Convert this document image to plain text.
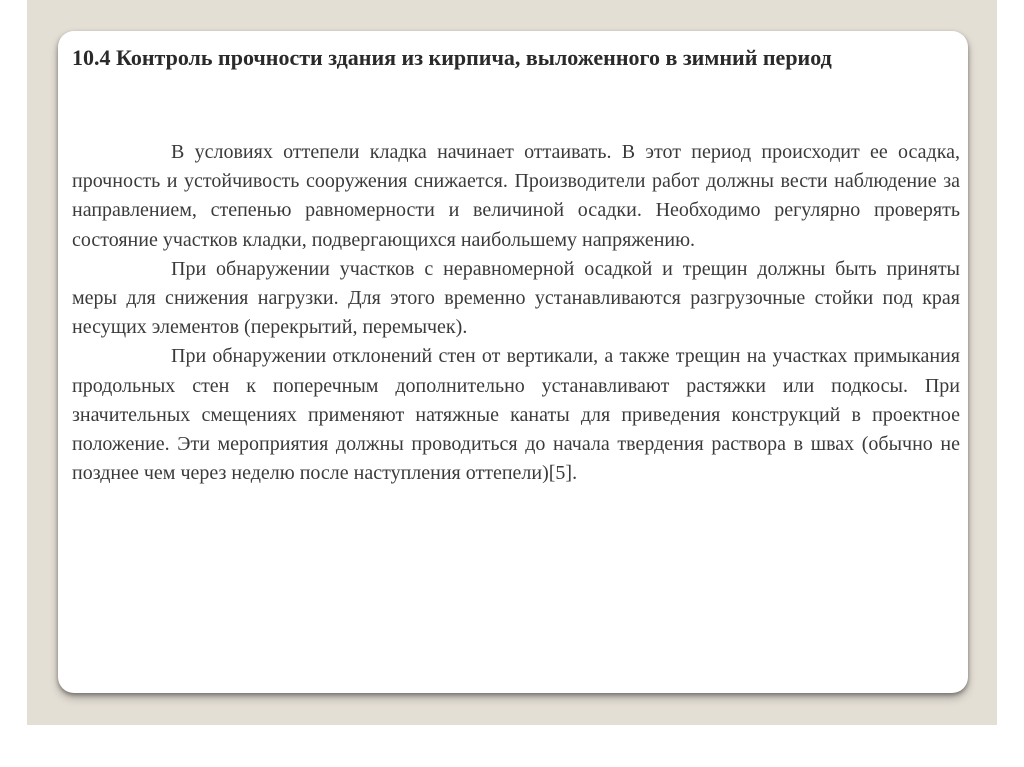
10.4 Контроль прочности здания из кирпича, выложенного в зимний период

В условиях оттепели кладка начинает оттаивать. В этот период происходит ее осадка, прочность и устойчивость сооружения снижается. Производители работ должны вести наблюдение за направлением, степенью равномерности и величиной осадки. Необходимо регулярно проверять состояние участков кладки, подвергающихся наибольшему напряжению.

При обнаружении участков с неравномерной осадкой и трещин должны быть приняты меры для снижения нагрузки. Для этого временно устанавливаются разгрузочные стойки под края несущих элементов (перекрытий, перемычек).

При обнаружении отклонений стен от вертикали, а также трещин на участках примыкания продольных стен к поперечным дополнительно устанавливают растяжки или подкосы. При значительных смещениях применяют натяжные канаты для приведения конструкций в проектное положение. Эти мероприятия должны проводиться до начала твердения раствора в швах (обычно не позднее чем через неделю после наступления оттепели)[5].
